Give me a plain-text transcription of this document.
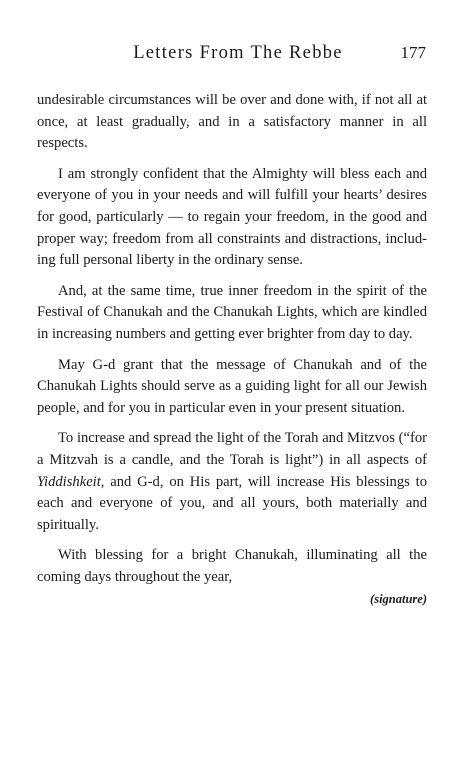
Letters From The Rebbe	177

undesirable circumstances will be over and done with, if not all at once, at least gradually, and in a satisfactory manner in all respects.

I am strongly confident that the Almighty will bless each and everyone of you in your needs and will fulfill your hearts’ desires for good, particularly — to regain your freedom, in the good and proper way; freedom from all constraints and distractions, including full personal liberty in the ordinary sense.

And, at the same time, true inner freedom in the spirit of the Festival of Chanukah and the Chanukah Lights, which are kindled in increasing numbers and getting ever brighter from day to day.

May G-d grant that the message of Chanukah and of the Chanukah Lights should serve as a guiding light for all our Jewish people, and for you in particular even in your present situation.

To increase and spread the light of the Torah and Mitzvos (“for a Mitzvah is a candle, and the Torah is light”) in all aspects of Yiddishkeit, and G-d, on His part, will increase His blessings to each and everyone of you, and all yours, both materially and spiritually.

With blessing for a bright Chanukah, illuminating all the coming days throughout the year,

(signature)
